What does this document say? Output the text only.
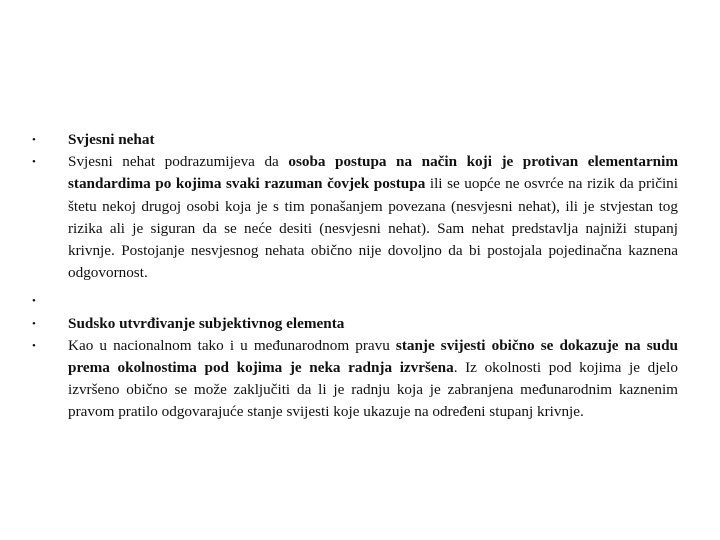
•	Svjesni nehat
•	Svjesni nehat podrazumijeva da osoba postupa na način koji je protivan elementarnim standardima po kojima svaki razuman čovjek postupa ili se uopće ne osvrće na rizik da pričini štetu nekoj drugoj osobi koja je s tim ponašanjem povezana (nesvjesni nehat), ili je stvjestan tog rizika ali je siguran da se neće desiti (nesvjesni nehat). Sam nehat predstavlja najniži stupanj krivnje. Postojanje nesvjesnog nehata obično nije dovoljno da bi postojala pojedinačna kaznena odgovornost.
•
•	Sudsko utvrđivanje subjektivnog elementa
•	Kao u nacionalnom tako i u međunarodnom pravu stanje svijesti obično se dokazuje na sudu prema okolnostima pod kojima je neka radnja izvršena. Iz okolnosti pod kojima je djelo izvršeno obično se može zaključiti da li je radnju koja je zabranjena međunarodnim kaznenim pravom pratilo odgovarajuće stanje svijesti koje ukazuje na određeni stupanj krivnje.
